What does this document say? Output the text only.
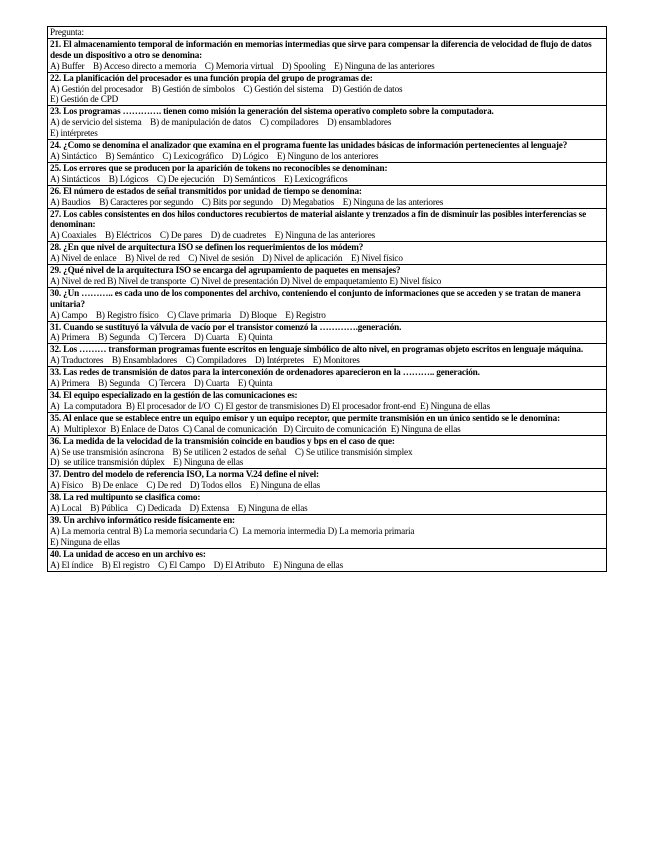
Pregunta:

21. El almacenamiento temporal de información en memorias intermedias que sirve para compensar la diferencia de velocidad de flujo de datos desde un dispositivo a otro se denomina:
A) Buffer    B) Acceso directo a memoria    C) Memoria virtual    D) Spooling    E) Ninguna de las anteriores

22. La planificación del procesador es una función propia del grupo de programas de:
A) Gestión del procesador    B) Gestión de símbolos    C) Gestión del sistema    D) Gestión de datos
E) Gestión de CPD

23. Los programas …………. tienen como misión la generación del sistema operativo completo sobre la computadora.
A) de servicio del sistema    B) de manipulación de datos    C) compiladores    D) ensambladores
E) intérpretes

24. ¿Como se denomina el analizador que examina en el programa fuente las unidades básicas de información pertenecientes al lenguaje?
A) Sintáctico    B) Semántico    C) Lexicográfico    D) Lógico    E) Ninguno de los anteriores

25. Los errores que se producen por la aparición de tokens no reconocibles se denominan:
A) Sintácticos    B) Lógicos    C) De ejecución    D) Semánticos    E) Lexicográficos

26. El número de estados de señal transmitidos por unidad de tiempo se denomina:
A) Baudios    B) Caracteres por segundo    C) Bits por segundo    D) Megabatios    E) Ninguna de las anteriores

27. Los cables consistentes en dos hilos conductores recubiertos de material aislante y trenzados a fin de disminuir las posibles interferencias se denominan:
A) Coaxiales    B) Eléctricos    C) De pares    D) de cuadretes    E) Ninguna de las anteriores

28. ¿En que nivel de arquitectura ISO se definen los requerimientos de los módem?
A) Nivel de enlace    B) Nivel de red    C) Nivel de sesión    D) Nivel de aplicación    E) Nivel físico

29. ¿Qué nivel de la arquitectura ISO se encarga del agrupamiento de paquetes en mensajes?
A) Nivel de red B) Nivel de transporte  C) Nivel de presentación D) Nivel de empaquetamiento E) Nivel físico

30. ¿Un ……….. es cada uno de los componentes del archivo, conteniendo el conjunto de informaciones que se acceden y se tratan de manera unitaria?
A) Campo    B) Registro físico    C) Clave primaria    D) Bloque    E) Registro

31. Cuando se sustituyó la válvula de vacío por el transistor comenzó la ………….generación.
A) Primera    B) Segunda    C) Tercera    D) Cuarta    E) Quinta

32. Los ……… transforman programas fuente escritos en lenguaje simbólico de alto nivel, en programas objeto escritos en lenguaje máquina.
A) Traductores    B) Ensambladores    C) Compiladores    D) Intérpretes    E) Monitores

33. Las redes de transmisión de datos para la interconexión de ordenadores aparecieron en la ……….. generación.
A) Primera    B) Segunda    C) Tercera    D) Cuarta    E) Quinta

34. El equipo especializado en la gestión de las comunicaciones es:
A)  La computadora  B) El procesador de I/O  C) El gestor de transmisiones D) El procesador front-end  E) Ninguna de ellas

35. Al enlace que se establece entre un equipo emisor y un equipo receptor, que permite transmisión en un único sentido se le denomina:
A)  Multiplexor  B) Enlace de Datos  C) Canal de comunicación   D) Circuito de comunicación  E) Ninguna de ellas

36. La medida de la velocidad de la transmisión coincide en baudios y bps en el caso de que:
A) Se use transmisión asíncrona    B) Se utilicen 2 estados de señal    C) Se utilice transmisión simplex
D)  se utilice transmisión dúplex    E) Ninguna de ellas

37. Dentro del modelo de referencia ISO, La norma V.24 define el nivel:
A) Físico    B) De enlace    C) De red    D) Todos ellos    E) Ninguna de ellas

38. La red multipunto se clasifica como:
A) Local    B) Pública    C) Dedicada    D) Extensa    E) Ninguna de ellas

39. Un archivo informático reside físicamente en:
A) La memoria central B) La memoria secundaria C)  La memoria intermedia D) La memoria primaria
E) Ninguna de ellas

40. La unidad de acceso en un archivo es:
A) El índice    B) El registro    C) El Campo    D) El Atributo    E) Ninguna de ellas
